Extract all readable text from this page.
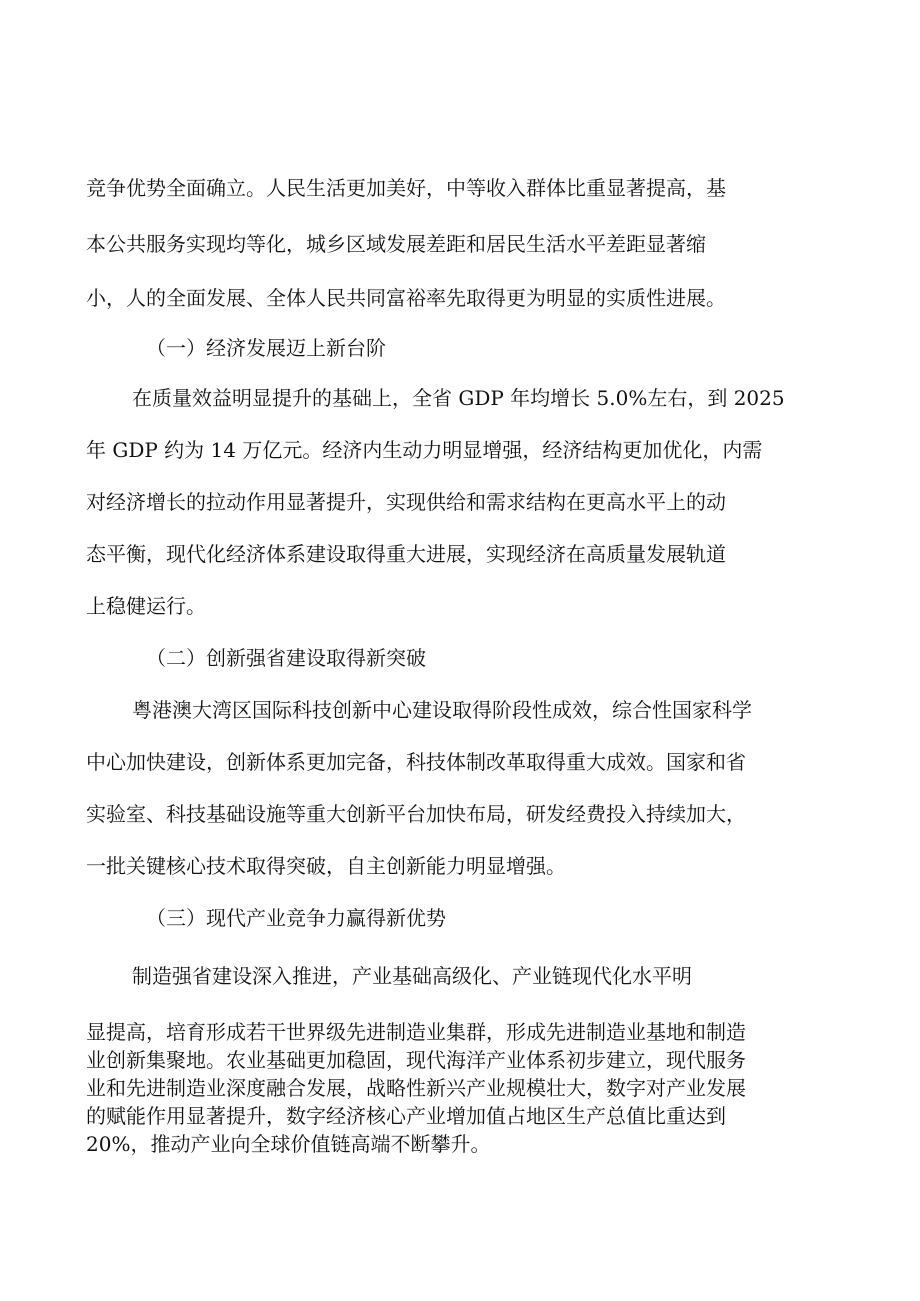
竞争优势全面确立。人民生活更加美好，中等收入群体比重显著提高，基
本公共服务实现均等化，城乡区域发展差距和居民生活水平差距显著缩
小，人的全面发展、全体人民共同富裕率先取得更为明显的实质性进展。
（一）经济发展迈上新台阶
在质量效益明显提升的基础上，全省 GDP 年均增长 5.0%左右，到 2025
年 GDP 约为 14 万亿元。经济内生动力明显增强，经济结构更加优化，内需
对经济增长的拉动作用显著提升，实现供给和需求结构在更高水平上的动
态平衡，现代化经济体系建设取得重大进展，实现经济在高质量发展轨道
上稳健运行。
（二）创新强省建设取得新突破
粤港澳大湾区国际科技创新中心建设取得阶段性成效，综合性国家科学
中心加快建设，创新体系更加完备，科技体制改革取得重大成效。国家和省
实验室、科技基础设施等重大创新平台加快布局，研发经费投入持续加大，
一批关键核心技术取得突破，自主创新能力明显增强。
（三）现代产业竞争力赢得新优势
制造强省建设深入推进，产业基础高级化、产业链现代化水平明
显提高，培育形成若干世界级先进制造业集群，形成先进制造业基地和制造
业创新集聚地。农业基础更加稳固，现代海洋产业体系初步建立，现代服务
业和先进制造业深度融合发展，战略性新兴产业规模壮大，数字对产业发展
的赋能作用显著提升，数字经济核心产业增加值占地区生产总值比重达到
20%，推动产业向全球价值链高端不断攀升。
